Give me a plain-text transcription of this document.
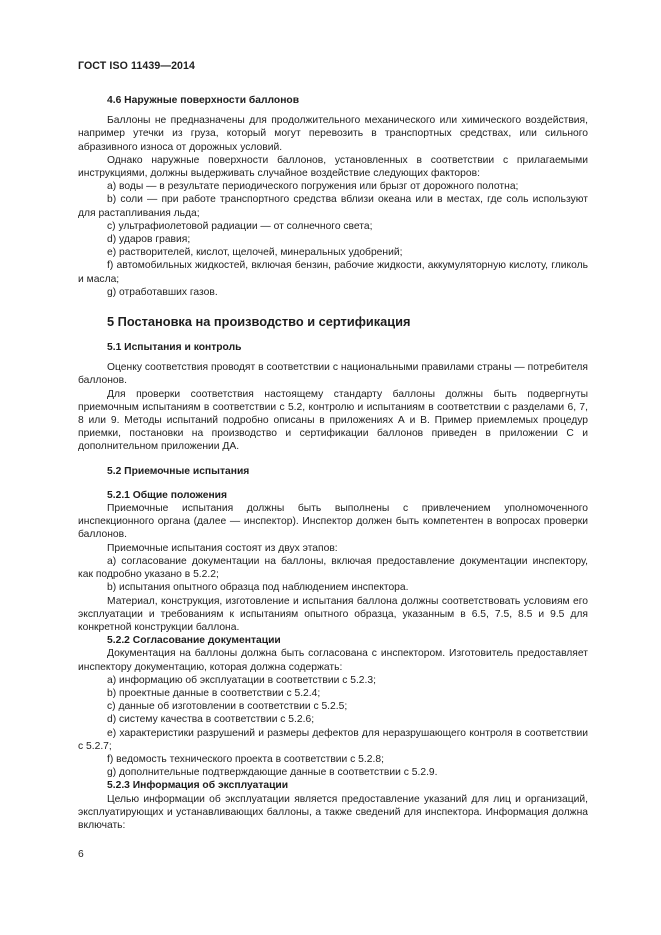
ГОСТ ISO 11439—2014

4.6 Наружные поверхности баллонов

Баллоны не предназначены для продолжительного механического или химического воздействия, например утечки из груза, который могут перевозить в транспортных средствах, или сильного абразивного износа от дорожных условий.

Однако наружные поверхности баллонов, установленных в соответствии с прилагаемыми инструкциями, должны выдерживать случайное воздействие следующих факторов:

а) воды — в результате периодического погружения или брызг от дорожного полотна;

b) соли — при работе транспортного средства вблизи океана или в местах, где соль используют для растапливания льда;

с) ультрафиолетовой радиации — от солнечного света;

d) ударов гравия;

е) растворителей, кислот, щелочей, минеральных удобрений;

f) автомобильных жидкостей, включая бензин, рабочие жидкости, аккумуляторную кислоту, гликоль и масла;

g) отработавших газов.

5 Постановка на производство и сертификация

5.1 Испытания и контроль

Оценку соответствия проводят в соответствии с национальными правилами страны — потребителя баллонов.

Для проверки соответствия настоящему стандарту баллоны должны быть подвергнуты приемочным испытаниям в соответствии с 5.2, контролю и испытаниям в соответствии с разделами 6, 7, 8 или 9. Методы испытаний подробно описаны в приложениях А и В. Пример приемлемых процедур приемки, постановки на производство и сертификации баллонов приведен в приложении С и дополнительном приложении ДА.

5.2 Приемочные испытания

5.2.1 Общие положения

Приемочные испытания должны быть выполнены с привлечением уполномоченного инспекционного органа (далее — инспектор). Инспектор должен быть компетентен в вопросах проверки баллонов.

Приемочные испытания состоят из двух этапов:

а) согласование документации на баллоны, включая предоставление документации инспектору, как подробно указано в 5.2.2;

b) испытания опытного образца под наблюдением инспектора.

Материал, конструкция, изготовление и испытания баллона должны соответствовать условиям его эксплуатации и требованиям к испытаниям опытного образца, указанным в 6.5, 7.5, 8.5 и 9.5 для конкретной конструкции баллона.

5.2.2 Согласование документации

Документация на баллоны должна быть согласована с инспектором. Изготовитель предоставляет инспектору документацию, которая должна содержать:

а) информацию об эксплуатации в соответствии с 5.2.3;

b) проектные данные в соответствии с 5.2.4;

с) данные об изготовлении в соответствии с 5.2.5;

d) систему качества в соответствии с 5.2.6;

е) характеристики разрушений и размеры дефектов для неразрушающего контроля в соответствии с 5.2.7;

f) ведомость технического проекта в соответствии с 5.2.8;

g) дополнительные подтверждающие данные в соответствии с 5.2.9.

5.2.3 Информация об эксплуатации

Целью информации об эксплуатации является предоставление указаний для лиц и организаций, эксплуатирующих и устанавливающих баллоны, а также сведений для инспектора. Информация должна включать:

6
